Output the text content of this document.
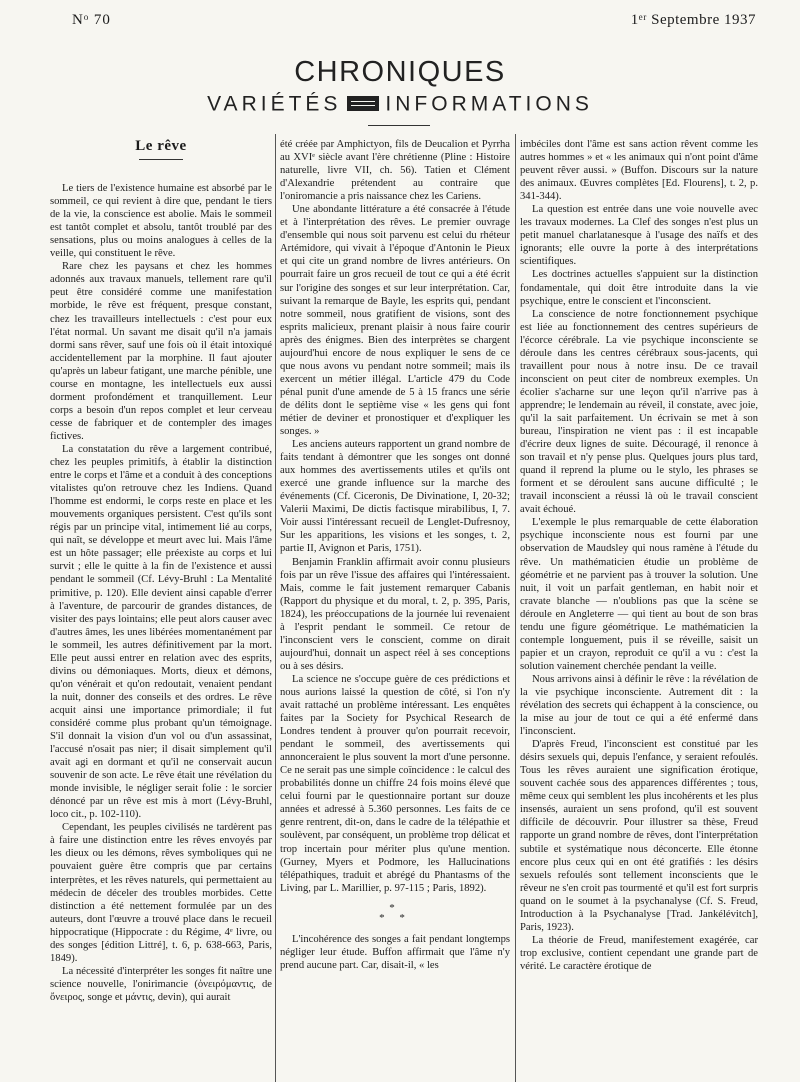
Nᵒ 70	1ᵉʳ Septembre 1937
CHRONIQUES
VARIÉTÉS INFORMATIONS
Le rêve

Le tiers de l'existence humaine est absorbé par le sommeil, ce qui revient à dire que, pendant le tiers de la vie, la conscience est abolie. Mais le sommeil est tantôt complet et absolu, tantôt troublé par des sensations, plus ou moins analogues à celles de la veille, qui constituent le rêve.

Rare chez les paysans et chez les hommes adonnés aux travaux manuels, tellement rare qu'il peut être considéré comme une manifestation morbide, le rêve est fréquent, presque constant, chez les travailleurs intellectuels : c'est pour eux l'état normal. Un savant me disait qu'il n'a jamais dormi sans rêver, sauf une fois où il était intoxiqué accidentellement par la morphine. Il faut ajouter qu'après un labeur fatigant, une marche pénible, une course en montagne, les intellectuels eux aussi dorment profondément et tranquillement. Leur corps a besoin d'un repos complet et leur cerveau cesse de fabriquer et de contempler des images fictives.

La constatation du rêve a largement contribué, chez les peuples primitifs, à établir la distinction entre le corps et l'âme et a conduit à des conceptions vitalistes qu'on retrouve chez les Indiens. Quand l'homme est endormi, le corps reste en place et les mouvements organiques persistent. C'est qu'ils sont régis par un principe vital, intimement lié au corps, qui naît, se développe et meurt avec lui. Mais l'âme est un hôte passager; elle préexiste au corps et lui survit ; elle le quitte à la fin de l'existence et aussi pendant le sommeil (Cf. Lévy-Bruhl : La Mentalité primitive, p. 120). Elle devient ainsi capable d'errer à l'aventure, de parcourir de grandes distances, de visiter des pays lointains; elle peut alors causer avec d'autres âmes, les unes libérées momentanément par le sommeil, les autres définitivement par la mort. Elle peut aussi entrer en relation avec des esprits, divins ou démoniaques. Morts, dieux et démons, qu'on vénérait et qu'on redoutait, venaient pendant la nuit, donner des conseils et des ordres. Le rêve acquit ainsi une importance primordiale; il fut considéré comme plus probant qu'un témoignage. S'il donnait la vision d'un vol ou d'un assassinat, l'accusé n'osait pas nier; il disait simplement qu'il avait agi en dormant et qu'il ne conservait aucun souvenir de son acte. Le rêve était une révélation du monde invisible, le négliger serait folie : le sorcier dénoncé par un rêve est mis à mort (Lévy-Bruhl, loco cit., p. 102-110).

Cependant, les peuples civilisés ne tardèrent pas à faire une distinction entre les rêves envoyés par les dieux ou les démons, rêves symboliques qui ne pouvaient guère être compris que par certains interprètes, et les rêves naturels, qui permettaient au médecin de déceler des troubles morbides. Cette distinction a été nettement formulée par un des auteurs, dont l'œuvre a trouvé place dans le recueil hippocratique (Hippocrate : du Régime, 4ᵉ livre, ou des songes [édition Littré], t. 6, p. 638-663, Paris, 1849).

La nécessité d'interpréter les songes fit naître une science nouvelle, l'onirimancie (ὀνειρόμαντις, de ὄνειρος, songe et μάντις, devin), qui aurait

été créée par Amphictyon, fils de Deucalion et Pyrrha au XVIᵉ siècle avant l'ère chrétienne (Pline : Histoire naturelle, livre VII, ch. 56). Tatien et Clément d'Alexandrie prétendent au contraire que l'oniromancie a pris naissance chez les Cariens.

Une abondante littérature a été consacrée à l'étude et à l'interprétation des rêves. Le premier ouvrage d'ensemble qui nous soit parvenu est celui du rhéteur Artémidore, qui vivait à l'époque d'Antonin le Pieux et qui cite un grand nombre de livres antérieurs. On pourrait faire un gros recueil de tout ce qui a été écrit sur l'origine des songes et sur leur interprétation. Car, suivant la remarque de Bayle, les esprits qui, pendant notre sommeil, nous gratifient de visions, sont des esprits malicieux, prenant plaisir à nous faire courir après des énigmes. Bien des interprètes se chargent aujourd'hui encore de nous expliquer le sens de ce que nous avons vu pendant notre sommeil; mais ils exercent un métier illégal. L'article 479 du Code pénal punit d'une amende de 5 à 15 francs une série de délits dont le septième vise « les gens qui font métier de deviner et pronostiquer et d'expliquer les songes. »

Les anciens auteurs rapportent un grand nombre de faits tendant à démontrer que les songes ont donné aux hommes des avertissements utiles et qu'ils ont exercé une grande influence sur la marche des événements (Cf. Ciceronis, De Divinatione, I, 20-32; Valerii Maximi, De dictis factisque mirabilibus, I, 7. Voir aussi l'intéressant recueil de Lenglet-Dufresnoy, Sur les apparitions, les visions et les songes, t. 2, partie II, Avignon et Paris, 1751).

Benjamin Franklin affirmait avoir connu plusieurs fois par un rêve l'issue des affaires qui l'intéressaient. Mais, comme le fait justement remarquer Cabanis (Rapport du physique et du moral, t. 2, p. 395, Paris, 1824), les préoccupations de la journée lui revenaient à l'esprit pendant le sommeil. Ce retour de l'inconscient vers le conscient, comme on dirait aujourd'hui, donnait un aspect réel à ses conceptions ou à ses désirs.

La science ne s'occupe guère de ces prédictions et nous aurions laissé la question de côté, si l'on n'y avait rattaché un problème intéressant. Les enquêtes faites par la Society for Psychical Research de Londres tendent à prouver qu'on pourrait recevoir, pendant le sommeil, des avertissements qui annonceraient le plus souvent la mort d'une personne. Ce ne serait pas une simple coïncidence : le calcul des probabilités donne un chiffre 24 fois moins élevé que celui fourni par le questionnaire portant sur douze années et adressé à 5.360 personnes. Les faits de ce genre rentrent, dit-on, dans le cadre de la télépathie et soulèvent, par conséquent, un problème trop délicat et trop incertain pour mériter plus qu'une mention. (Gurney, Myers et Podmore, les Hallucinations télépathiques, traduit et abrégé du Phantasms of the Living, par L. Marillier, p. 97-115 ; Paris, 1892).

*
* *

L'incohérence des songes a fait pendant longtemps négliger leur étude. Buffon affirmait que l'âme n'y prend aucune part. Car, disait-il, « les

imbéciles dont l'âme est sans action rêvent comme les autres hommes » et « les animaux qui n'ont point d'âme peuvent rêver aussi. » (Buffon. Discours sur la nature des animaux. Œuvres complètes [Ed. Flourens], t. 2, p. 341-344).

La question est entrée dans une voie nouvelle avec les travaux modernes. La Clef des songes n'est plus un petit manuel charlatanesque à l'usage des naïfs et des ignorants; elle ouvre la porte à des interprétations scientifiques.

Les doctrines actuelles s'appuient sur la distinction fondamentale, qui doit être introduite dans la vie psychique, entre le conscient et l'inconscient.

La conscience de notre fonctionnement psychique est liée au fonctionnement des centres supérieurs de l'écorce cérébrale. La vie psychique inconsciente se déroule dans les centres cérébraux sous-jacents, qui travaillent pour nous à notre insu. De ce travail inconscient on peut citer de nombreux exemples. Un écolier s'acharne sur une leçon qu'il n'arrive pas à apprendre; le lendemain au réveil, il constate, avec joie, qu'il la sait parfaitement. Un écrivain se met à son bureau, l'inspiration ne vient pas : il est incapable d'écrire deux lignes de suite. Découragé, il renonce à son travail et n'y pense plus. Quelques jours plus tard, quand il reprend la plume ou le stylo, les phrases se forment et se déroulent sans aucune difficulté ; le travail inconscient a réussi là où le travail conscient avait échoué.

L'exemple le plus remarquable de cette élaboration psychique inconsciente nous est fourni par une observation de Maudsley qui nous ramène à l'étude du rêve. Un mathématicien étudie un problème de géométrie et ne parvient pas à trouver la solution. Une nuit, il voit un parfait gentleman, en habit noir et cravate blanche — n'oublions pas que la scène se déroule en Angleterre — qui tient au bout de son bras tendu une figure géométrique. Le mathématicien la contemple longuement, puis il se réveille, saisit un papier et un crayon, reproduit ce qu'il a vu : c'est la solution vainement cherchée pendant la veille.

Nous arrivons ainsi à définir le rêve : la révélation de la vie psychique inconsciente. Autrement dit : la révélation des secrets qui échappent à la conscience, ou la mise au jour de tout ce qui a été enfermé dans l'inconscient.

D'après Freud, l'inconscient est constitué par les désirs sexuels qui, depuis l'enfance, y seraient refoulés. Tous les rêves auraient une signification érotique, souvent cachée sous des apparences différentes ; tous, même ceux qui semblent les plus incohérents et les plus insensés, auraient un sens profond, qu'il est souvent difficile de découvrir. Pour illustrer sa thèse, Freud rapporte un grand nombre de rêves, dont l'interprétation subtile et systématique nous déconcerte. Elle étonne encore plus ceux qui en ont été gratifiés : les désirs sexuels refoulés sont tellement inconscients que le rêveur ne s'en croit pas tourmenté et qu'il est fort surpris quand on le soumet à la psychanalyse (Cf. S. Freud, Introduction à la Psychanalyse [Trad. Jankélévitch], Paris, 1923).

La théorie de Freud, manifestement exagérée, car trop exclusive, contient cependant une grande part de vérité. Le caractère érotique de
